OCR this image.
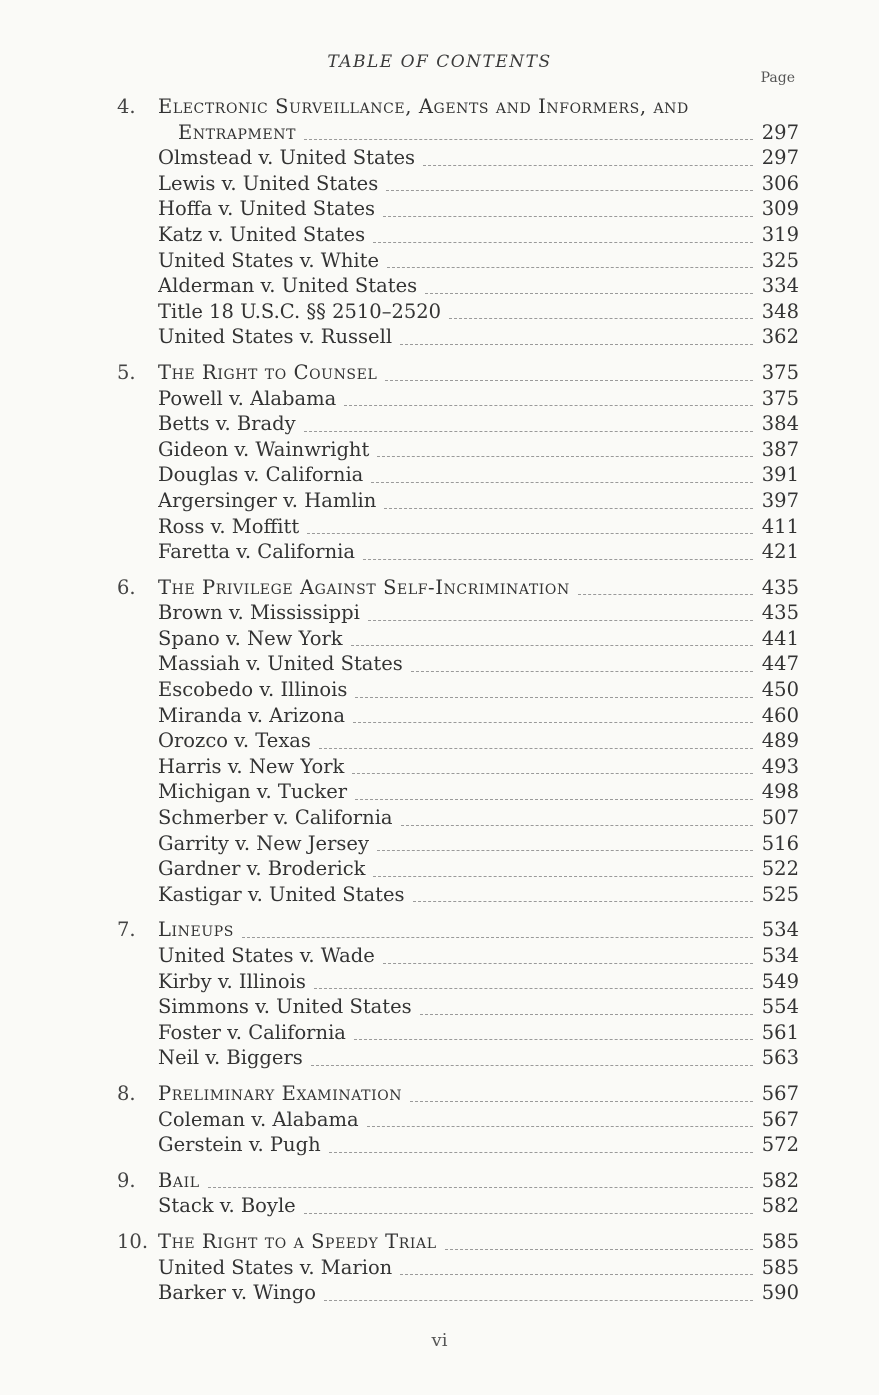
TABLE OF CONTENTS
Page
4.	Electronic Surveillance, Agents and Informers, and
Entrapment	297
Olmstead v. United States	297
Lewis v. United States	306
Hoffa v. United States	309
Katz v. United States	319
United States v. White	325
Alderman v. United States	334
Title 18 U.S.C. §§ 2510–2520	348
United States v. Russell	362
5.	The Right to Counsel	375
Powell v. Alabama	375
Betts v. Brady	384
Gideon v. Wainwright	387
Douglas v. California	391
Argersinger v. Hamlin	397
Ross v. Moffitt	411
Faretta v. California	421
6.	The Privilege Against Self-Incrimination	435
Brown v. Mississippi	435
Spano v. New York	441
Massiah v. United States	447
Escobedo v. Illinois	450
Miranda v. Arizona	460
Orozco v. Texas	489
Harris v. New York	493
Michigan v. Tucker	498
Schmerber v. California	507
Garrity v. New Jersey	516
Gardner v. Broderick	522
Kastigar v. United States	525
7.	Lineups	534
United States v. Wade	534
Kirby v. Illinois	549
Simmons v. United States	554
Foster v. California	561
Neil v. Biggers	563
8.	Preliminary Examination	567
Coleman v. Alabama	567
Gerstein v. Pugh	572
9.	Bail	582
Stack v. Boyle	582
10. The Right to a Speedy Trial	585
United States v. Marion	585
Barker v. Wingo	590
vi
